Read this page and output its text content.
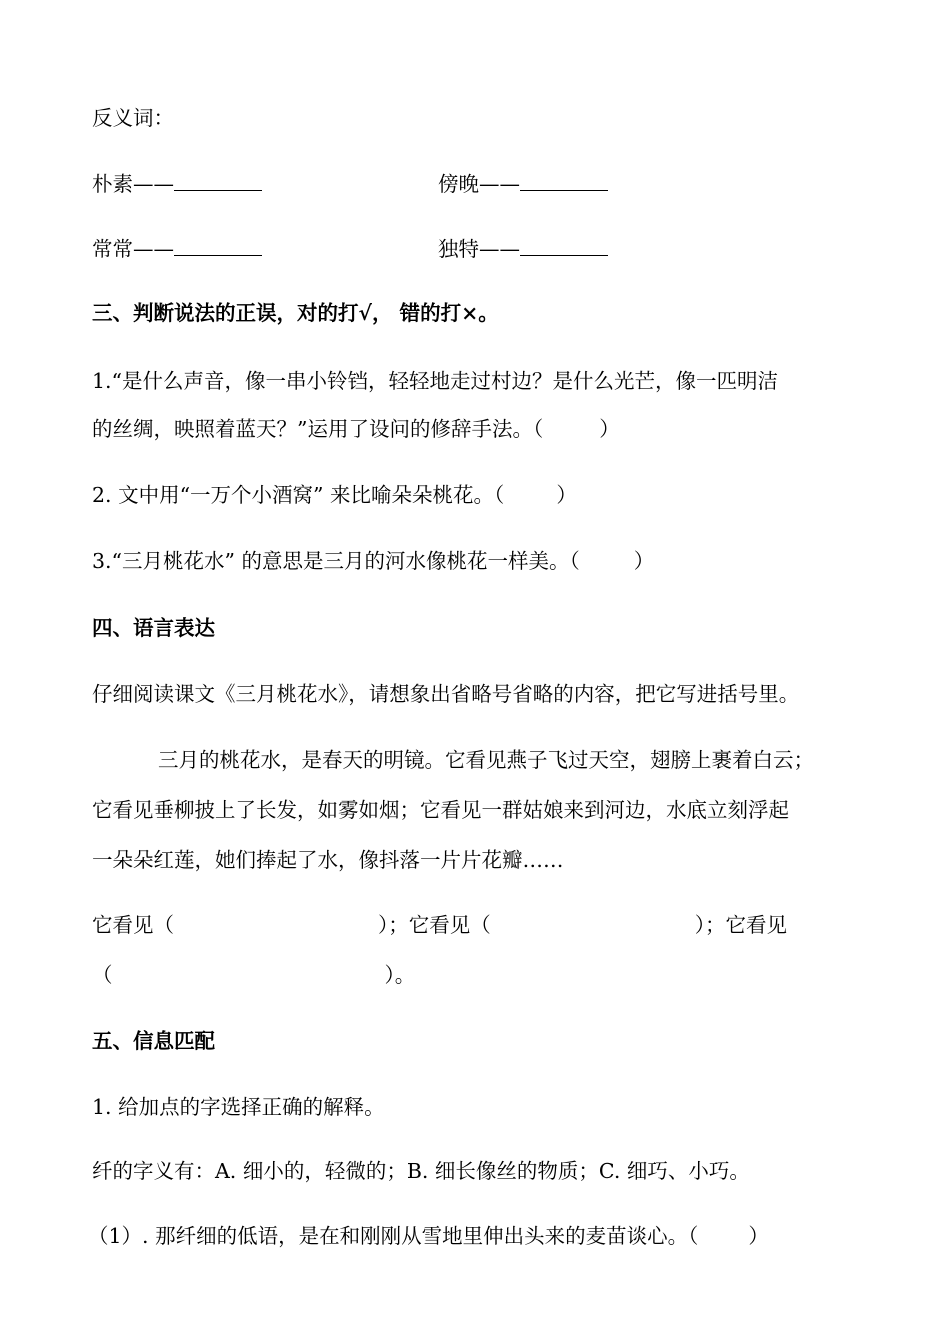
反义词：
朴素——	傍晚——
常常——	独特——
三、判断说法的正误，对的打√， 错的打×。
1.“是什么声音，像一串小铃铛，轻轻地走过村边？是什么光芒，像一匹明洁
的丝绸，映照着蓝天？”运用了设问的修辞手法。（	）
2. 文中用“一万个小酒窝” 来比喻朵朵桃花。（	）
3.“三月桃花水” 的意思是三月的河水像桃花一样美。（	）
四、语言表达
仔细阅读课文《三月桃花水》，请想象出省略号省略的内容，把它写进括号里。
三月的桃花水，是春天的明镜。它看见燕子飞过天空，翅膀上裹着白云；
它看见垂柳披上了长发，如雾如烟；它看见一群姑娘来到河边，水底立刻浮起
一朵朵红莲，她们捧起了水，像抖落一片片花瓣……
它看见（	）；它看见（	）；它看见
（	）。
五、信息匹配
1. 给加点的字选择正确的解释。
纤的字义有：A. 细小的，轻微的；B. 细长像丝的物质；C. 细巧、小巧。
（1）. 那纤细的低语，是在和刚刚从雪地里伸出头来的麦苗谈心。（ ）
